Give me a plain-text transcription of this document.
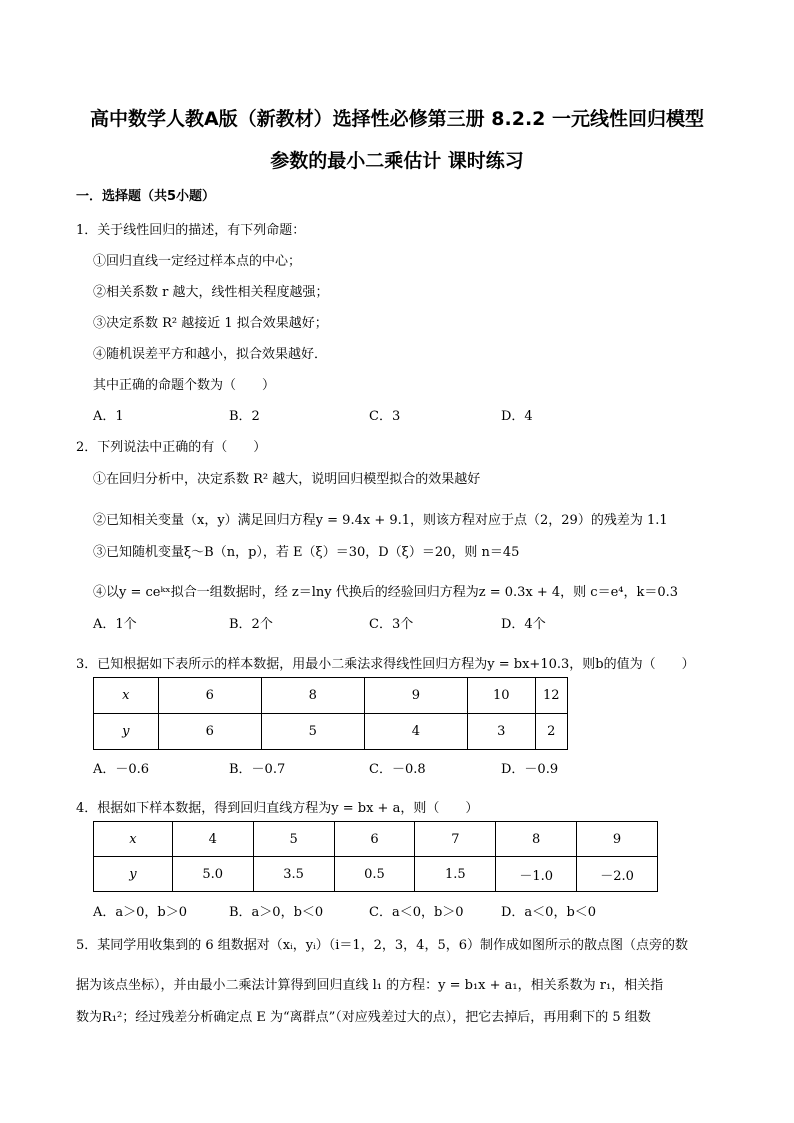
高中数学人教A版（新教材）选择性必修第三册 8.2.2 一元线性回归模型
参数的最小二乘估计 课时练习
一．选择题（共5小题）
1．关于线性回归的描述，有下列命题：
①回归直线一定经过样本点的中心；
②相关系数 r 越大，线性相关程度越强；
③决定系数 R² 越接近 1 拟合效果越好；
④随机误差平方和越小，拟合效果越好．
其中正确的命题个数为（　　）
A．1	B．2	C．3	D．4
2．下列说法中正确的有（　　）
①在回归分析中，决定系数 R² 越大，说明回归模型拟合的效果越好
②已知相关变量（x，y）满足回归方程y = 9.4x + 9.1，则该方程对应于点（2，29）的残差为 1.1
③已知随机变量ξ～B（n，p），若 E（ξ）＝30，D（ξ）＝20，则 n＝45
④以y = ceᵏˣ拟合一组数据时，经 z＝lny 代换后的经验回归方程为z = 0.3x + 4，则 c＝e⁴，k＝0.3
A．1个	B．2个	C．3个	D．4个
3．已知根据如下表所示的样本数据，用最小二乘法求得线性回归方程为y = bx+10.3，则b的值为（　　）
x	6	8	9	10	12
y	6	5	4	3	2
A．－0.6	B．－0.7	C．－0.8	D．－0.9
4．根据如下样本数据，得到回归直线方程为y = bx + a，则（　　）
x	4	5	6	7	8	9
y	5.0	3.5	0.5	1.5	－1.0	－2.0
A．a＞0，b＞0	B．a＞0，b＜0	C．a＜0，b＞0	D．a＜0，b＜0
5．某同学用收集到的 6 组数据对（xᵢ，yᵢ）（i＝1，2，3，4，5，6）制作成如图所示的散点图（点旁的数
据为该点坐标），并由最小二乘法计算得到回归直线 l₁ 的方程：y = b₁x + a₁，相关系数为 r₁，相关指
数为R₁²；经过残差分析确定点 E 为“离群点”（对应残差过大的点），把它去掉后，再用剩下的 5 组数
